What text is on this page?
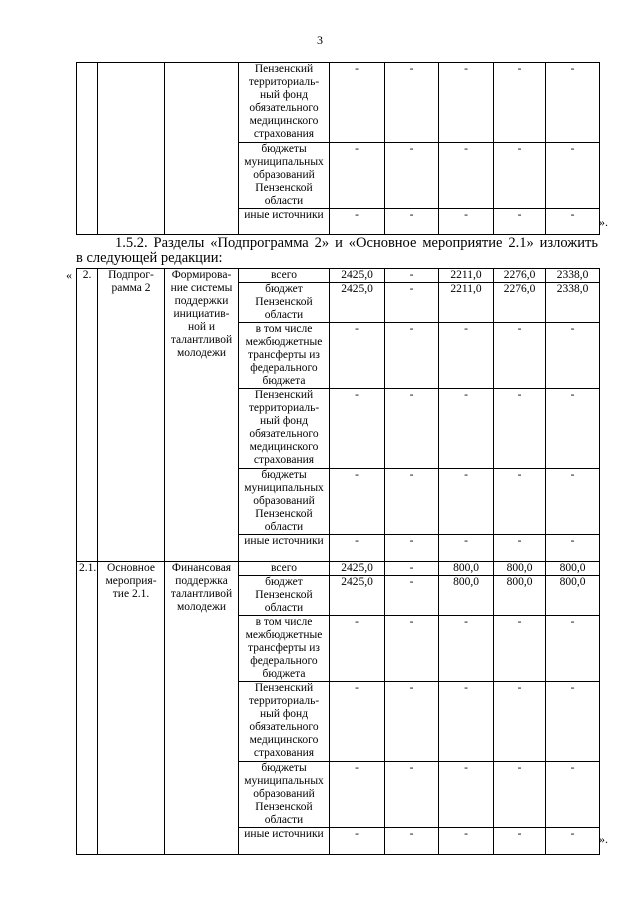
3
			Пензенский территориаль-ный фонд обязательного медицинского страхования	-	-	-	-	-
			бюджеты муниципальных образований Пензенской области	-	-	-	-	-
			иные источники	-	-	-	-	- ».
1.5.2. Разделы «Подпрограмма 2» и «Основное мероприятие 2.1» изложить
в следующей редакции:
« 2.	Подпрог-рамма 2	Формирова-ние системы поддержки инициатив-ной и талантливой молодежи	всего	2425,0	-	2211,0	2276,0	2338,0
			бюджет Пензенской области	2425,0	-	2211,0	2276,0	2338,0
			в том числе межбюджетные трансферты из федерального бюджета	-	-	-	-	-
			Пензенский территориаль-ный фонд обязательного медицинского страхования	-	-	-	-	-
			бюджеты муниципальных образований Пензенской области	-	-	-	-	-
			иные источники	-	-	-	-	-
2.1.	Основное мероприя-тие 2.1.	Финансовая поддержка талантливой молодежи	всего	2425,0	-	800,0	800,0	800,0
			бюджет Пензенской области	2425,0	-	800,0	800,0	800,0
			в том числе межбюджетные трансферты из федерального бюджета	-	-	-	-	-
			Пензенский территориаль-ный фонд обязательного медицинского страхования	-	-	-	-	-
			бюджеты муниципальных образований Пензенской области	-	-	-	-	-
			иные источники	-	-	-	-	- ».
